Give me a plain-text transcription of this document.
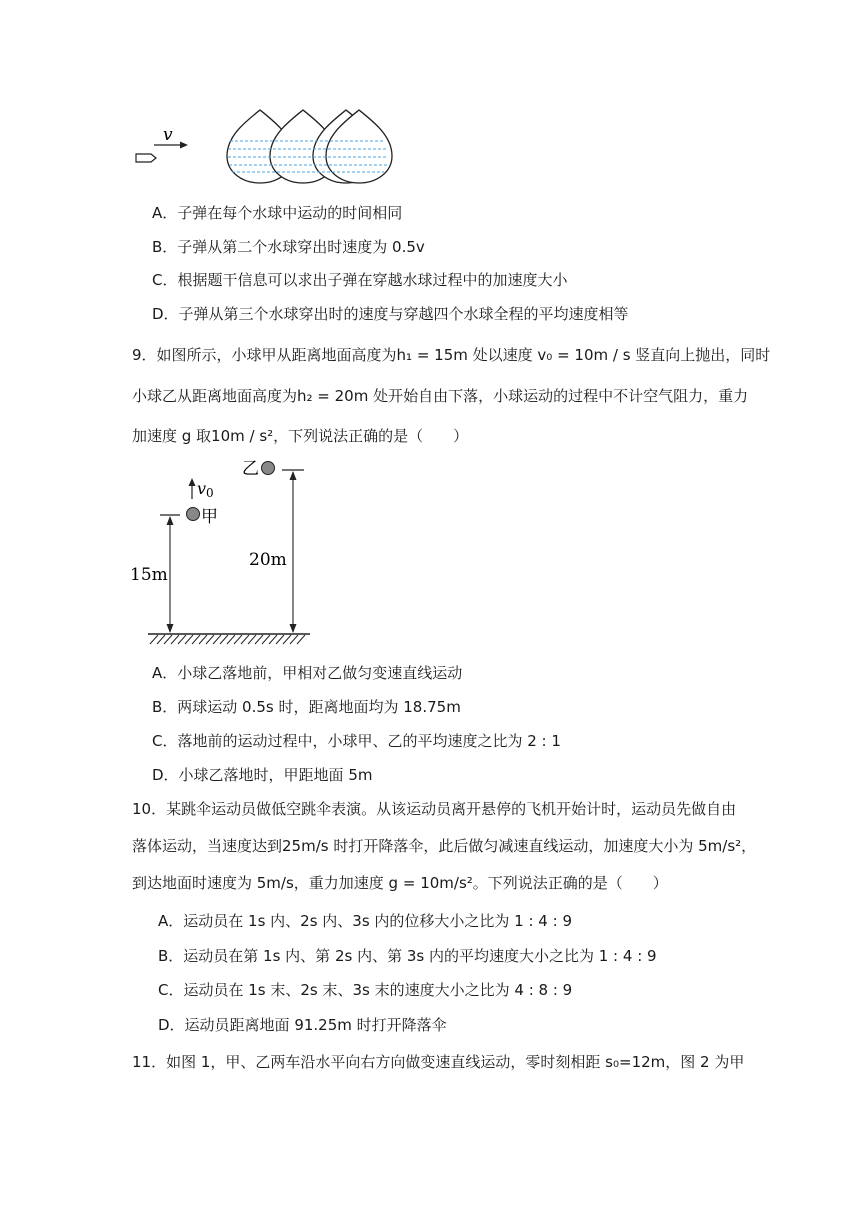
v
A．子弹在每个水球中运动的时间相同
B．子弹从第二个水球穿出时速度为 0.5v
C．根据题干信息可以求出子弹在穿越水球过程中的加速度大小
D．子弹从第三个水球穿出时的速度与穿越四个水球全程的平均速度相等
9．如图所示，小球甲从距离地面高度为h₁ = 15m 处以速度 v₀ = 10m / s 竖直向上抛出，同时
小球乙从距离地面高度为h₂ = 20m 处开始自由下落，小球运动的过程中不计空气阻力，重力
加速度 g 取10m / s²，下列说法正确的是（　　）
乙
20m
v0
甲
15m
A．小球乙落地前，甲相对乙做匀变速直线运动
B．两球运动 0.5s 时，距离地面均为 18.75m
C．落地前的运动过程中，小球甲、乙的平均速度之比为 2 : 1
D．小球乙落地时，甲距地面 5m
10．某跳伞运动员做低空跳伞表演。从该运动员离开悬停的飞机开始计时，运动员先做自由
落体运动，当速度达到25m/s 时打开降落伞，此后做匀减速直线运动，加速度大小为 5m/s²，
到达地面时速度为 5m/s，重力加速度 g = 10m/s²。下列说法正确的是（　　）
A．运动员在 1s 内、2s 内、3s 内的位移大小之比为 1 : 4 : 9
B．运动员在第 1s 内、第 2s 内、第 3s 内的平均速度大小之比为 1 : 4 : 9
C．运动员在 1s 末、2s 末、3s 末的速度大小之比为 4 : 8 : 9
D．运动员距离地面 91.25m 时打开降落伞
11．如图 1，甲、乙两车沿水平向右方向做变速直线运动，零时刻相距 s₀=12m，图 2 为甲
